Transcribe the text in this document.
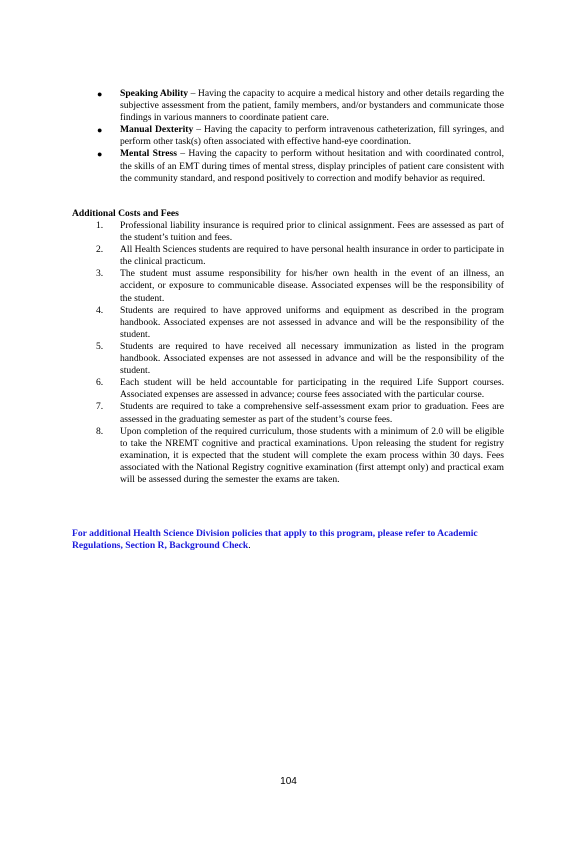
● Speaking Ability – Having the capacity to acquire a medical history and other details regarding the subjective assessment from the patient, family members, and/or bystanders and communicate those findings in various manners to coordinate patient care.
● Manual Dexterity – Having the capacity to perform intravenous catheterization, fill syringes, and perform other task(s) often associated with effective hand-eye coordination.
● Mental Stress – Having the capacity to perform without hesitation and with coordinated control, the skills of an EMT during times of mental stress, display principles of patient care consistent with the community standard, and respond positively to correction and modify behavior as required.
Additional Costs and Fees
1. Professional liability insurance is required prior to clinical assignment. Fees are assessed as part of the student’s tuition and fees.
2. All Health Sciences students are required to have personal health insurance in order to participate in the clinical practicum.
3. The student must assume responsibility for his/her own health in the event of an illness, an accident, or exposure to communicable disease. Associated expenses will be the responsibility of the student.
4. Students are required to have approved uniforms and equipment as described in the program handbook. Associated expenses are not assessed in advance and will be the responsibility of the student.
5. Students are required to have received all necessary immunization as listed in the program handbook. Associated expenses are not assessed in advance and will be the responsibility of the student.
6. Each student will be held accountable for participating in the required Life Support courses. Associated expenses are assessed in advance; course fees associated with the particular course.
7. Students are required to take a comprehensive self-assessment exam prior to graduation. Fees are assessed in the graduating semester as part of the student’s course fees.
8. Upon completion of the required curriculum, those students with a minimum of 2.0 will be eligible to take the NREMT cognitive and practical examinations. Upon releasing the student for registry examination, it is expected that the student will complete the exam process within 30 days. Fees associated with the National Registry cognitive examination (first attempt only) and practical exam will be assessed during the semester the exams are taken.
For additional Health Science Division policies that apply to this program, please refer to Academic Regulations, Section R, Background Check.
104
